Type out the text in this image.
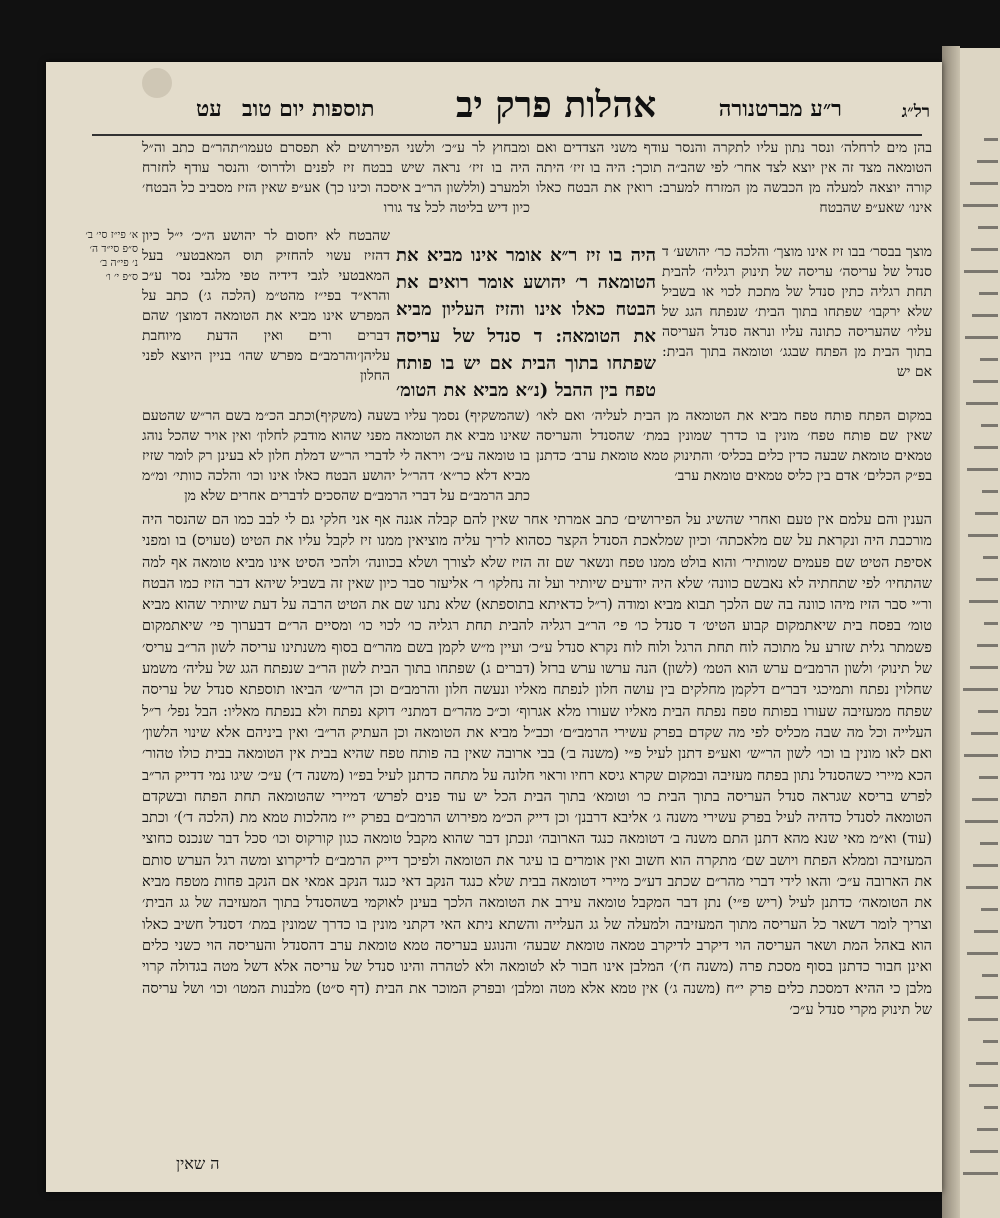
רל״ג
ר״ע מברטנורה
אהלות פרק יב
תוספות יום טוב
עט
בהן מים לרחלה׳ ונסר נתון עליו לתקרה והנסר עודף משני הצדדים ואם הטומאה מצד זה אין יוצא לצד אחר׳ לפי שהב״ה תוכך: היה בו זיז׳ היתה קורה יוצאה למעלה מן הכבשה מן המזרח למערב: רואין את הבטח כאלו אינו׳ שאע״פ שהבטח
ומבחוץ לר ע״כ׳ ולשני הפירושים לא תפסרם טעמו״תהר״ם כתב וה״ל היה בו זיז׳ נראה שיש בבטח זיז לפנים ולדרוס׳ והנסר עודף לחזרח ולמערב (וללשון הר״ב איסכה וכינו כך) אע״פ שאין הזיז מסביב כל הבטח׳ כיון דיש בליטה לכל צד גורו
שהבטח לא יחסום לר יהושע ה״כ׳ י״ל כיון דהזיז עשוי להחזיק תוס המאבטעי׳ בעל המאבטעי לגבי דידיה טפי מלגבי נסר ע״כ והרא״ד בפי״ז מהט״מ (הלכה ג׳) כתב על המפרש אינו מביא את הטומאה דמוצן׳ שהם דברים ורים ואין הדעת מיוחבת עליהן׳והרמב״ם מפרש שהו׳ בניין היוצא לפני החלון
א׳ פי״ז סי׳ ב׳
ס״פ סי״ד ה׳
נ׳ פי״ה ב׳
ס״פ י׳ ו׳
היה בו זיז ר״א אומר אינו מביא את הטומאה ר׳ יהושע אומר רואים את הבטח כאלו אינו והזיז העליון מביא את הטומאה: ד סנדל של עריסה שפתחו בתוך הבית אם יש בו פותח טפח בין ההבל (נ״א מביא את הטומ׳
מוצך בבסר׳ בבו זיז אינו מוצך׳ והלכה כר׳ יהושע׳ ד סנדל של עריסה׳ עריסה של תינוק רגליה׳ להבית תחת רגליה כתין סנדל של מתכת לכוי או בשביל שלא ירקבו׳ שפתחו בתוך הבית׳ שנפתח הגג של עליו׳ שהעריסה כתונה עליו ונראה סנדל העריסה בתוך הבית מן הפתח שבגג׳ וטומאה בתוך הבית: אם יש
במקום הפתח פותח טפח מביא את הטומאה מן הבית לעליה׳ ואם לאו׳ שאין שם פותח טפח׳ מונין בו כדרך שמונין במת׳ שהסנדל והעריסה טמאים טומאת שבעה כדין כלים בכליס׳ והתינוק טמא טומאת ערב׳ כדתנן בפ״ק הכלים׳ אדם בין כליס טמאים טומאת ערב׳
(שהמשקיף) נסמך עליו בשעה (משקיף)וכתב הכ״מ בשם הר״ש שהטעם שאינו מביא את הטומאה מפני שהוא מודבק לחלון׳ ואין אויר שהכל נוהג בו טומאה ע״כ׳ ויראה לי לדברי הר״ש דמלת חלון לא בעינן רק לומר שזיז מביא דלא כר״א׳ דהר״ל יהושע הבטח כאלו אינו וכו׳ והלכה כוותי׳ ומ״מ כתב הרמב״ם על דברי הרמב״ם שהסכים לדברים אחרים שלא מן
הענין והם עלמם אין טעם ואחרי שהשיג על הפירושים׳ כתב אמרתי אחר שאין להם קבלה אגנה אף אני חלקי גם לי לבב כמו הם שהנסר היה מורכבת היה ונקראת על שם מלאכתה׳ וכיון שמלאכת הסנדל הקצר כסהוא לריך עליה מוציאין ממנו זיז לקבל עליו את הטיט (טעויס) בו ומפני אסיפת הטיט שם פעמים שמותיר׳ והוא בולט ממנו טפח ונשאר שם זה הזיז שלא לצורך ושלא בכוונה׳ ולהכי הסיט אינו מביא טומאה אף למה שהתחיו׳ לפי שתחתיה לא נאבשם כוונה׳ שלא היה יודעים שיותיר ועל זה נחלקו׳ ר׳ אליעזר סבר כיון שאין זה בשביל שיהא דבר הזיז כמו הבטח ור״י סבר הזיז מיהו כוונה בה שם הלכך תבוא מביא ומודה (ר״ל כדאיתא בתוספתא) שלא נתנו שם את הטיט הרבה על דעת שיותיר שהוא מביא טומ׳ בפסח בית שיאתמקום קבוע הטיט׳ ד סנדל כו׳ פי׳ הר״ב רגליה להבית תחת רגליה כו׳ לכוי כו׳ ומסיים הר״ם דבערוך פי׳ שיאתמקום פשמתר גלית שזרע על מתוכה לוח תחת הרגל ולוח לוח נקרא סנדל ע״כ׳ ועיין מ״ש לקמן בשם מהר״ם בסוף משנתינו עריסה לשון הר״ב עריס׳ של תינוק׳ ולשון הרמב״ם ערש הוא הטמ׳ (לשון) הנה ערשו ערש ברזל (דברים ג) שפתחו בתוך הבית לשון הר״ב שנפתח הגג של עליה׳ משמע שחלוין נפתח ותמיכגי דבר״ם דלקמן מחלקים בין עושה חלון לנפתח מאליו ונעשה חלון והרמב״ם וכן הר״ש׳ הביאו תוספתא סנדל של עריסה שפתח ממעזיבה שעורו בפותח טפח נפתח הבית מאליו שעורו מלא אגרוף׳ וכ״כ מהר״ם דמתני׳ דוקא נפתח ולא בנפתח מאליו: הבל נפל׳ ר״ל העלייה וכל מה שבה מכליס לפי מה שקדם בפרק עשירי הרמב״ם׳ וכב״ל מביא את הטומאה וכן העתיק הר״ב׳ ואין ביניהם אלא שינוי הלשון׳ ואם לאו מונין בו וכו׳ לשון הר״ש׳ ואע״פ דתנן לעיל פ״י (משנה ב׳) בבי ארובה שאין בה פותח טפח שהיא בבית אין הטומאה בבית כולו טהור׳ הכא מיירי כשהסנדל נתון בפתח מעזיבה ובמקום שקרא גיסא רחיו וראוי חלונה על מתחה כדתנן לעיל בפ״ו (משנה ד׳) ע״כ׳ שיגו נמי דדייק הר״ב לפרש בריסא שגראה סנדל העריסה בתוך הבית כו׳ וטומא׳ בתוך הבית הכל יש עוד פנים לפרש׳ דמיירי שהטומאה תחת הפתח ובשקדם הטומאה לסנדל כדהיה לעיל בפרק עשירי משנה ג׳ אליבא דרבנן׳ וכן דייק הכ״מ מפירוש הרמב״ם בפרק י״ז מהלכות טמא מת (הלכה ד׳)׳ וכתב (עוד) וא״מ מאי שנא מהא דתנן התם משנה ב׳ דטומאה כנגד הארובה׳ ונכתן דבר שהוא מקבל טומאה כגון קורקוס וכו׳ סכל דבר שנכנס כחוצי המעזיבה וממלא הפתח ויושב שם׳ מתקרה הוא חשוב ואין אומרים בו עיגר את הטומאה ולפיכך דייק הרמב״ם לדיקרוצ ומשה רגל הערש סותם את הארובה ע״כ׳ והאו לידי דברי מהר״ם שכתב דע״כ מיירי דטומאה בבית שלא כנגד הנקב דאי כנגד הנקב אמאי אם הנקב פחות מטפח מביא את הטומאה׳ כדתנן לעיל (ריש פ״י) נתן דבר המקבל טומאה עירב את הטומאה הלכך בעינן לאוקמי בשהסנדל בתוך המעזיבה של גג הבית׳ וצריך לומר דשאר כל העריסה מתוך המעזיבה ולמעלה של גג העלייה והשתא ניתא האי דקתני מונין בו כדרך שמונין במת׳ דסנדל חשיב כאלו הוא באהל המת ושאר העריסה הוי דיקרב לדיקרב טמאה טומאת שבעה׳ והנוגע בעריסה טמא טומאת ערב דהסנדל והעריסה הוי כשני כלים ואינן חבור כדתנן בסוף מסכת פרה (משנה ח׳)׳ המלבן אינו חבור לא לטומאה ולא לטהרה והינו סנדל של עריסה אלא דשל מטה בגדולה קרוי מלבן כי ההיא דמסכת כלים פרק י״ח (משנה ג׳) אין טמא אלא מטה ומלבן׳ ובפרק המוכר את הבית (דף ס״ט) מלבנות המטו׳ וכו׳ ושל עריסה של תינוק מקרי סנדל ע״כ׳
ה שאין
